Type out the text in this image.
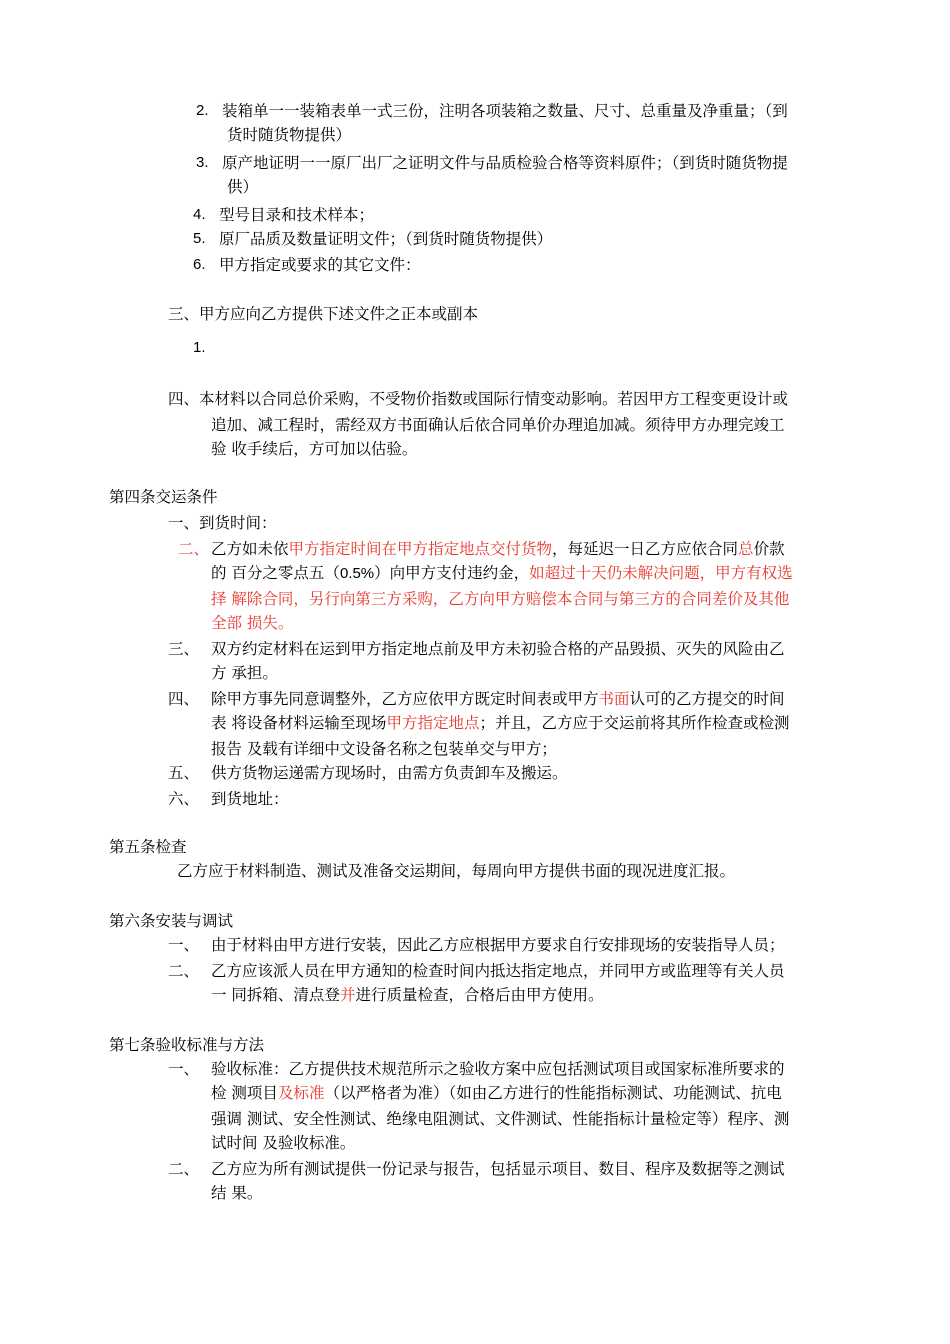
2. 装箱单一一装箱表单一式三份，注明各项装箱之数量、尺寸、总重量及净重量；（到
货时随货物提供）
3. 原产地证明一一原厂出厂之证明文件与品质检验合格等资料原件；（到货时随货物提
供）
4. 型号目录和技术样本；
5. 原厂品质及数量证明文件；（到货时随货物提供）
6. 甲方指定或要求的其它文件：
三、甲方应向乙方提供下述文件之正本或副本
1.
四、本材料以合同总价采购，不受物价指数或国际行情变动影响。若因甲方工程变更设计或
追加、减工程时，需经双方书面确认后依合同单价办理追加减。须待甲方办理完竣工
验 收手续后，方可加以估验。
第四条交运条件
一、到货时间：
二、 乙方如未依甲方指定时间在甲方指定地点交付货物，每延迟一日乙方应依合同总价款
的 百分之零点五（0.5%）向甲方支付违约金，如超过十天仍未解决问题，甲方有权选
择 解除合同，另行向第三方采购，乙方向甲方赔偿本合同与第三方的合同差价及其他
全部 损失。
三、 双方约定材料在运到甲方指定地点前及甲方未初验合格的产品毁损、灭失的风险由乙
方 承担。
四、 除甲方事先同意调整外，乙方应依甲方既定时间表或甲方书面认可的乙方提交的时间
表 将设备材料运输至现场甲方指定地点；并且，乙方应于交运前将其所作检查或检测
报告 及载有详细中文设备名称之包装单交与甲方；
五、 供方货物运递需方现场时，由需方负责卸车及搬运。
六、 到货地址：
第五条检查
乙方应于材料制造、测试及准备交运期间，每周向甲方提供书面的现况进度汇报。
第六条安装与调试
一、 由于材料由甲方进行安装，因此乙方应根据甲方要求自行安排现场的安装指导人员；
二、 乙方应该派人员在甲方通知的检查时间内抵达指定地点，并同甲方或监理等有关人员
一 同拆箱、清点登并进行质量检查，合格后由甲方使用。
第七条验收标准与方法
一、 验收标准：乙方提供技术规范所示之验收方案中应包括测试项目或国家标准所要求的
检 测项目及标准（以严格者为准）（如由乙方进行的性能指标测试、功能测试、抗电
强调 测试、安全性测试、绝缘电阻测试、文件测试、性能指标计量检定等）程序、测
试时间 及验收标准。
二、 乙方应为所有测试提供一份记录与报告，包括显示项目、数目、程序及数据等之测试
结 果。
